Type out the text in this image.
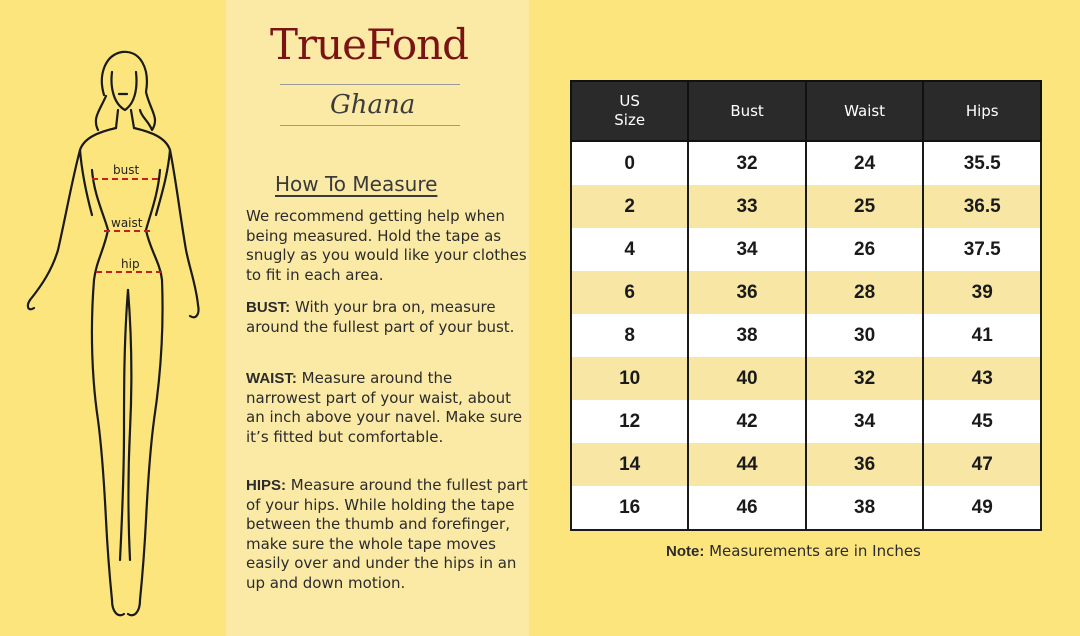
bust
waist
hip
TrueFond
Ghana
How To Measure
We recommend getting help when being measured. Hold the tape as snugly as you would like your clothes to fit in each area.
BUST: With your bra on, measure around the fullest part of your bust.
WAIST: Measure around the narrowest part of your waist, about an inch above your navel. Make sure it’s fitted but comfortable.
HIPS: Measure around the fullest part of your hips. While holding the tape between the thumb and forefinger, make sure the whole tape moves easily over and under the hips in an up and down motion.
US
Size	Bust	Waist	Hips
0	32	24	35.5
2	33	25	36.5
4	34	26	37.5
6	36	28	39
8	38	30	41
10	40	32	43
12	42	34	45
14	44	36	47
16	46	38	49
Note: Measurements are in Inches
